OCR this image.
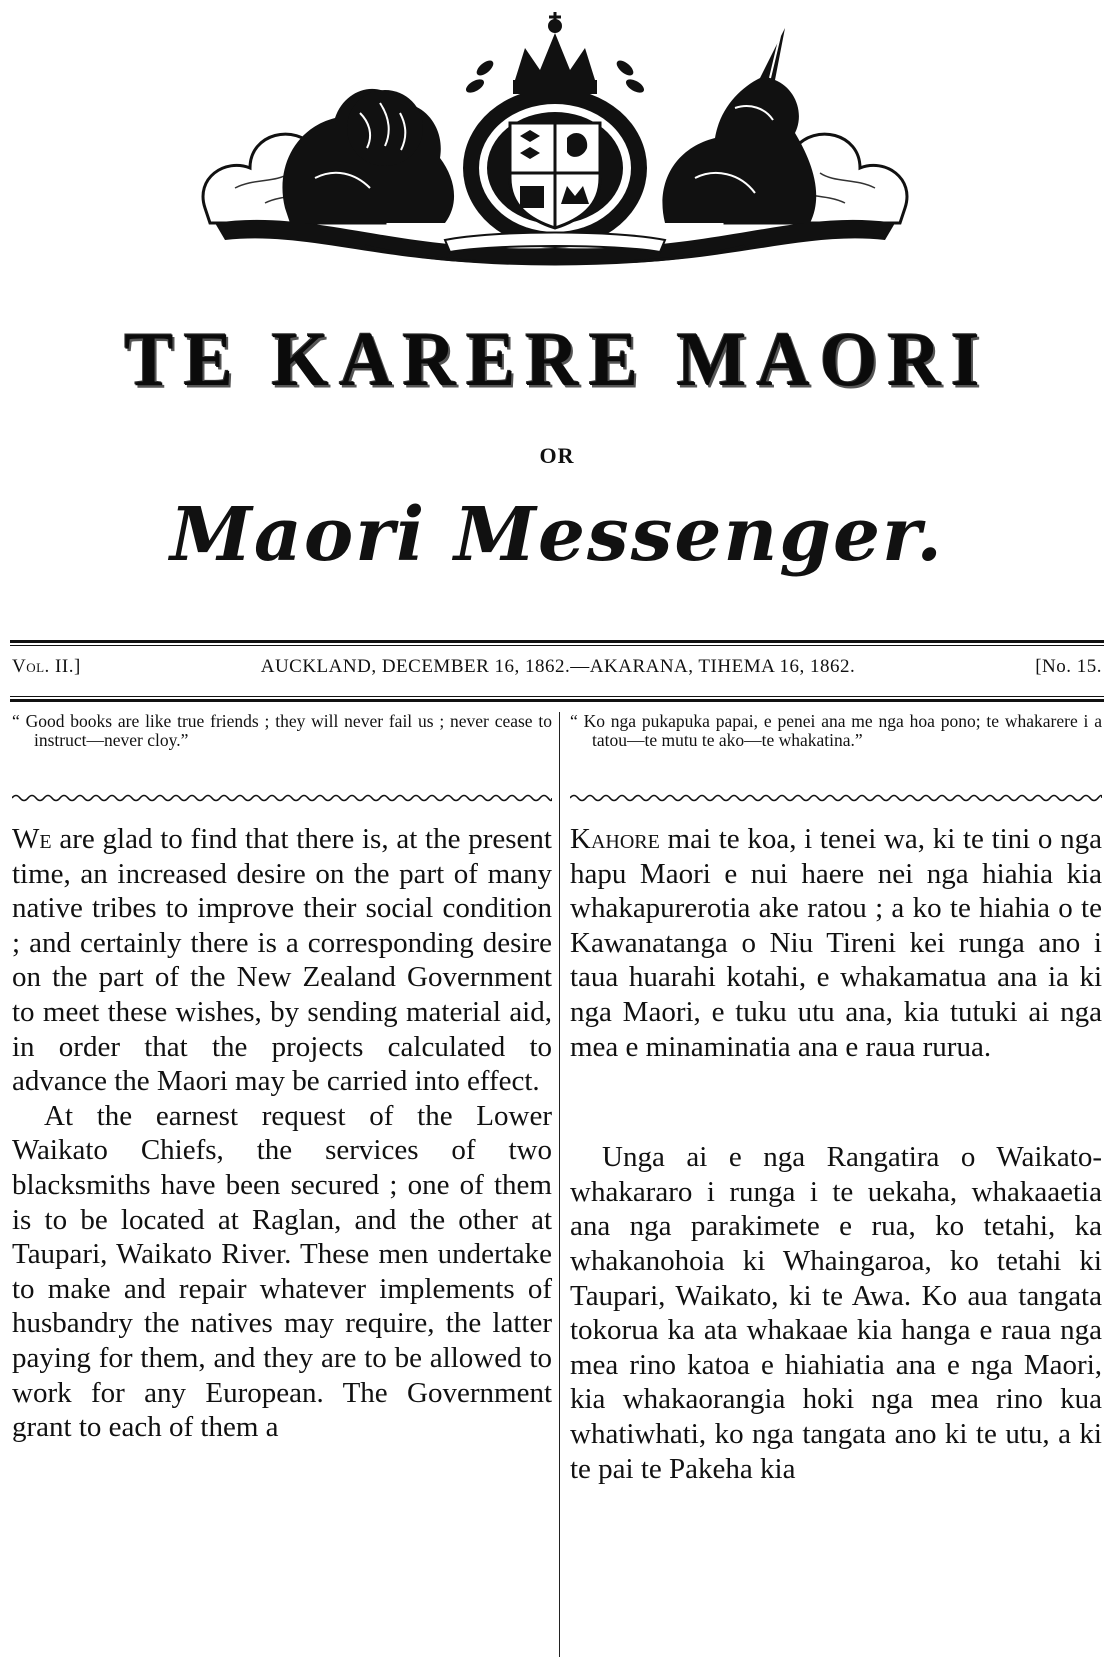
TE KARERE MAORI
OR
Maori Messenger.
Vol. II.]	AUCKLAND, DECEMBER 16, 1862.—AKARANA, TIHEMA 16, 1862.	[No. 15.

“ Good books are like true friends ; they will never fail us ; never cease to instruct—never cloy.”

We are glad to find that there is, at the present time, an increased desire on the part of many native tribes to improve their social condition ; and certainly there is a corresponding desire on the part of the New Zealand Government to meet these wishes, by sending material aid, in order that the projects calculated to advance the Maori may be carried into effect.

At the earnest request of the Lower Waikato Chiefs, the services of two blacksmiths have been secured ; one of them is to be located at Raglan, and the other at Taupari, Waikato River. These men undertake to make and repair whatever implements of husbandry the natives may require, the latter paying for them, and they are to be allowed to work for any European. The Government grant to each of them a

“ Ko nga pukapuka papai, e penei ana me nga hoa pono; te whakarere i a tatou—te mutu te ako—te whakatina.”

Kahore mai te koa, i tenei wa, ki te tini o nga hapu Maori e nui haere nei nga hiahia kia whakapurerotia ake ratou ; a ko te hiahia o te Kawanatanga o Niu Tireni kei runga ano i taua huarahi kotahi, e whakamatua ana ia ki nga Maori, e tuku utu ana, kia tutuki ai nga mea e minaminatia ana e raua rurua.

Unga ai e nga Rangatira o Waikato-whakararo i runga i te uekaha, whakaaetia ana nga parakimete e rua, ko tetahi, ka whakanohoia ki Whaingaroa, ko tetahi ki Taupari, Waikato, ki te Awa. Ko aua tangata tokorua ka ata whakaae kia hanga e raua nga mea rino katoa e hiahiatia ana e nga Maori, kia whakaorangia hoki nga mea rino kua whatiwhati, ko nga tangata ano ki te utu, a ki te pai te Pakeha kia
